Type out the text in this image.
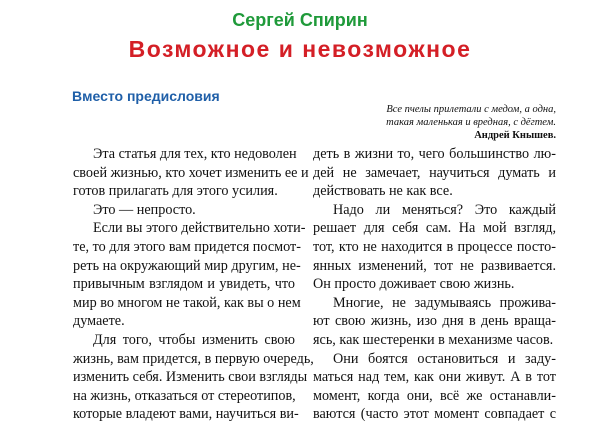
Сергей Спирин
Возможное и невозможное
Вместо предисловия
Все пчелы прилетали с медом, а одна,
такая маленькая и вредная, с дёгтем.
Андрей Кнышев.
Эта статья для тех, кто недоволен
своей жизнью, кто хочет изменить ее и
готов прилагать для этого усилия.
Это — непросто.
Если вы этого действительно хоти-
те, то для этого вам придется посмот-
реть на окружающий мир другим, не-
привычным взглядом и увидеть, что
мир во многом не такой, как вы о нем
думаете.
Для того, чтобы изменить свою
жизнь, вам придется, в первую очередь,
изменить себя. Изменить свои взгляды
на жизнь, отказаться от стереотипов,
которые владеют вами, научиться ви-
деть в жизни то, чего большинство лю-
дей не замечает, научиться думать и
действовать не как все.
Надо ли меняться? Это каждый
решает для себя сам. На мой взгляд,
тот, кто не находится в процессе посто-
янных изменений, тот не развивается.
Он просто доживает свою жизнь.
Многие, не задумываясь прожива-
ют свою жизнь, изо дня в день враща-
ясь, как шестеренки в механизме часов.
Они боятся остановиться и заду-
маться над тем, как они живут. А в тот
момент, когда они, всё же останавли-
ваются (часто этот момент совпадает с
